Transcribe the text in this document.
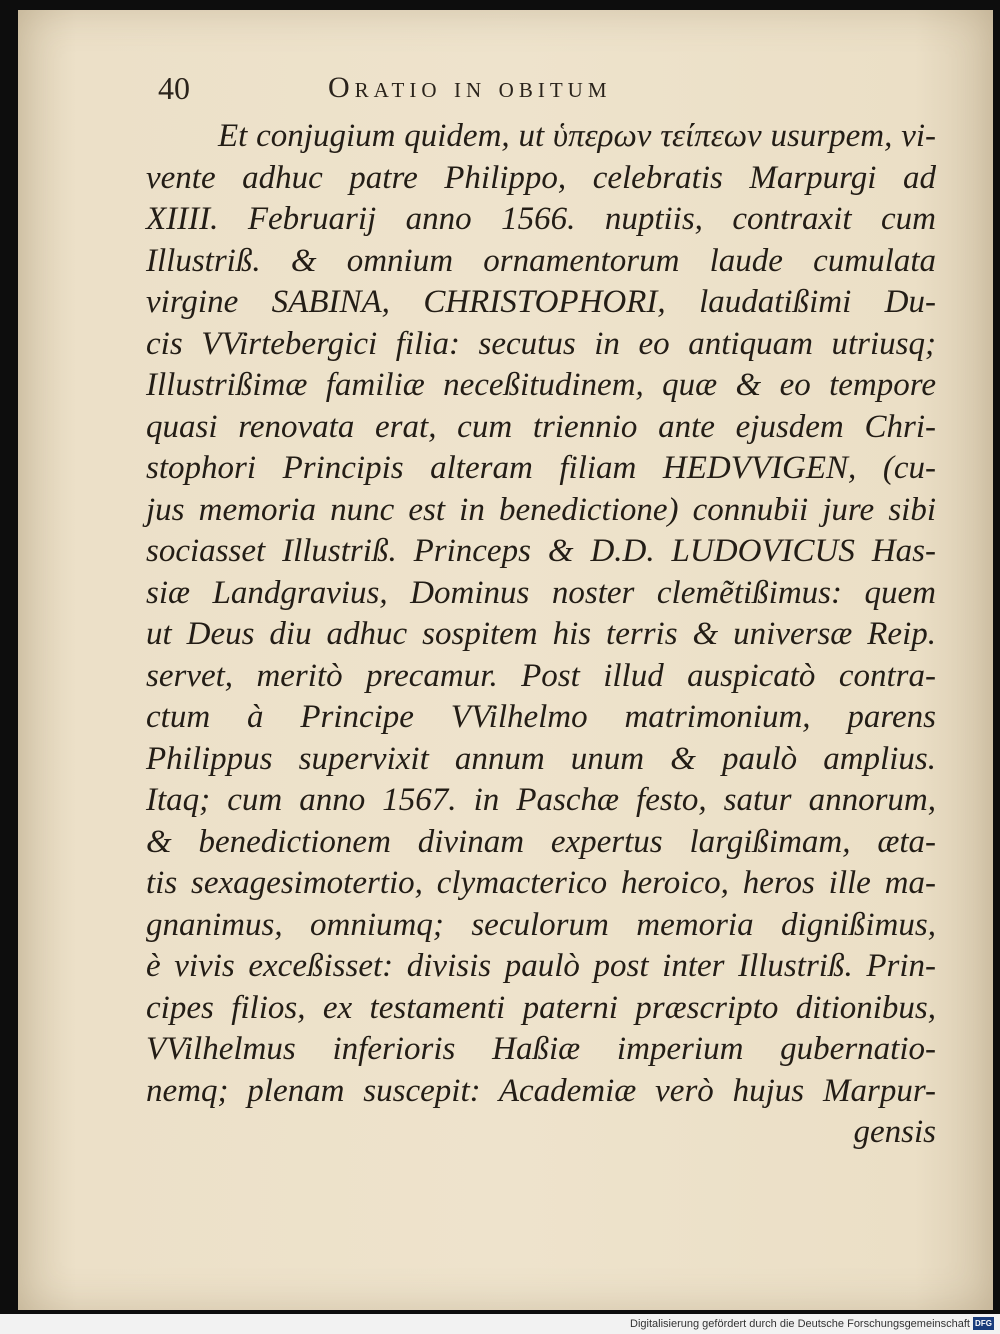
40	Oratio in obitum
Et conjugium quidem, ut ὑπερων τείπεων usurpem, vi-
vente adhuc patre Philippo, celebratis Marpurgi ad
XIIII. Februarij anno 1566. nuptiis, contraxit cum
Illustriß. & omnium ornamentorum laude cumulata
virgine SABINA, CHRISTOPHORI, laudatißimi Du-
cis VVirtebergici filia: secutus in eo antiquam utriusq;
Illustrißimæ familiæ neceßitudinem, quæ & eo tempore
quasi renovata erat, cum triennio ante ejusdem Chri-
stophori Principis alteram filiam HEDVVIGEN, (cu-
jus memoria nunc est in benedictione) connubii jure sibi
sociasset Illustriß. Princeps & D.D. LUDOVICUS Has-
siæ Landgravius, Dominus noster clemẽtißimus: quem
ut Deus diu adhuc sospitem his terris & universæ Reip.
servet, meritò precamur. Post illud auspicatò contra-
ctum à Principe VVilhelmo matrimonium, parens
Philippus supervixit annum unum & paulò amplius.
Itaq; cum anno 1567. in Paschæ festo, satur annorum,
& benedictionem divinam expertus largißimam, æta-
tis sexagesimotertio, clymacterico heroico, heros ille ma-
gnanimus, omniumq; seculorum memoria dignißimus,
è vivis exceßisset: divisis paulò post inter Illustriß. Prin-
cipes filios, ex testamenti paterni præscripto ditionibus,
VVilhelmus inferioris Haßiæ imperium gubernatio-
nemq; plenam suscepit: Academiæ verò hujus Marpur-
gensis
Digitalisierung gefördert durch die Deutsche Forschungsgemeinschaft DFG
